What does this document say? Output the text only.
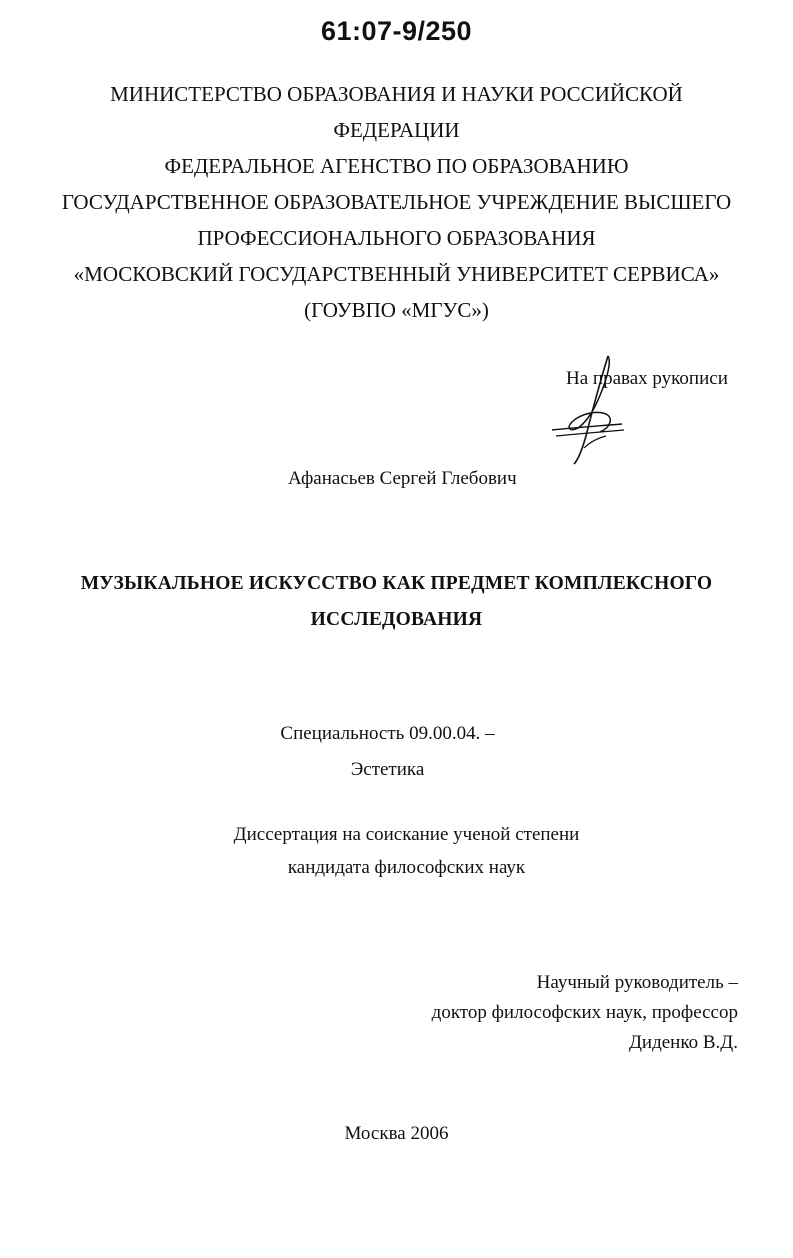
61:07-9/250
МИНИСТЕРСТВО ОБРАЗОВАНИЯ И НАУКИ РОССИЙСКОЙ
ФЕДЕРАЦИИ
ФЕДЕРАЛЬНОЕ АГЕНСТВО ПО ОБРАЗОВАНИЮ
ГОСУДАРСТВЕННОЕ ОБРАЗОВАТЕЛЬНОЕ УЧРЕЖДЕНИЕ ВЫСШЕГО
ПРОФЕССИОНАЛЬНОГО ОБРАЗОВАНИЯ
«МОСКОВСКИЙ ГОСУДАРСТВЕННЫЙ УНИВЕРСИТЕТ СЕРВИСА»
(ГОУВПО «МГУС»)
На правах рукописи
Афанасьев Сергей Глебович
МУЗЫКАЛЬНОЕ ИСКУССТВО КАК ПРЕДМЕТ КОМПЛЕКСНОГО
ИССЛЕДОВАНИЯ
Специальность 09.00.04. –
Эстетика
Диссертация на соискание ученой степени
кандидата философских наук
Научный руководитель –
доктор философских наук, профессор
Диденко В.Д.
Москва 2006
